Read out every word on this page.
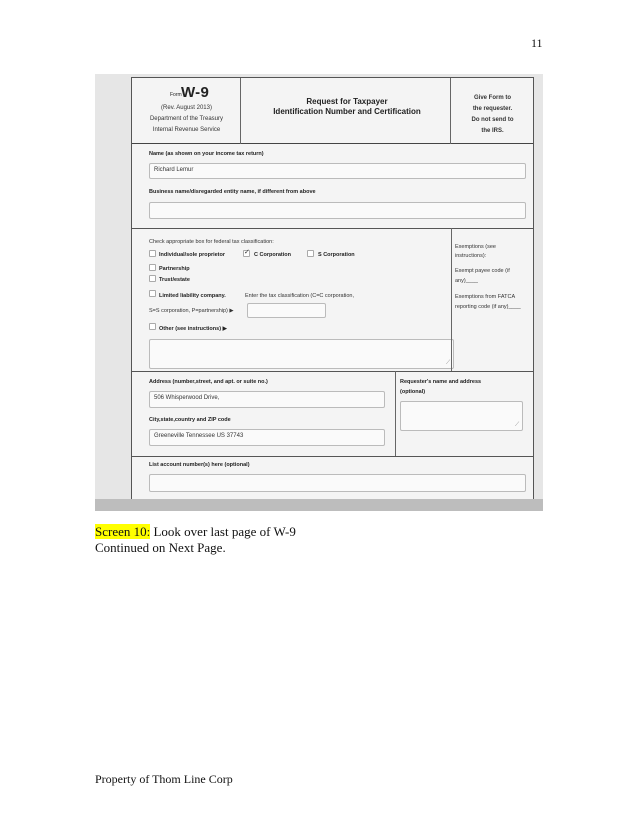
11
Form W-9
(Rev. August 2013)
Department of the Treasury
Internal Revenue Service
Request for Taxpayer
Identification Number and Certification
Give Form to
the requester.
Do not send to
the IRS.
Name (as shown on your income tax return)
Richard Lemur
Business name/disregarded entity name, if different from above
Check appropriate box for federal tax classification:
Individual/sole proprietor
✓	C Corporation	S Corporation
Partnership
Trust/estate
Limited liability company.	Enter the tax classification (C=C corporation,
S=S corporation, P=partnership) ▶
Other (see instructions) ▶
⟋
Exemptions (see
instructions):
Exempt payee code (if
any)____
Exemptions from FATCA
reporting code (if any)____
Address (number,street, and apt. or suite no.)
506 Whisperwood Drive,
City,state,country and ZIP code
Greeneville Tennessee US 37743
Requester's name and address
(optional)
⟋
List account number(s) here (optional)
Screen 10: Look over last page of W-9
Continued on Next Page.
Property of Thom Line Corp
